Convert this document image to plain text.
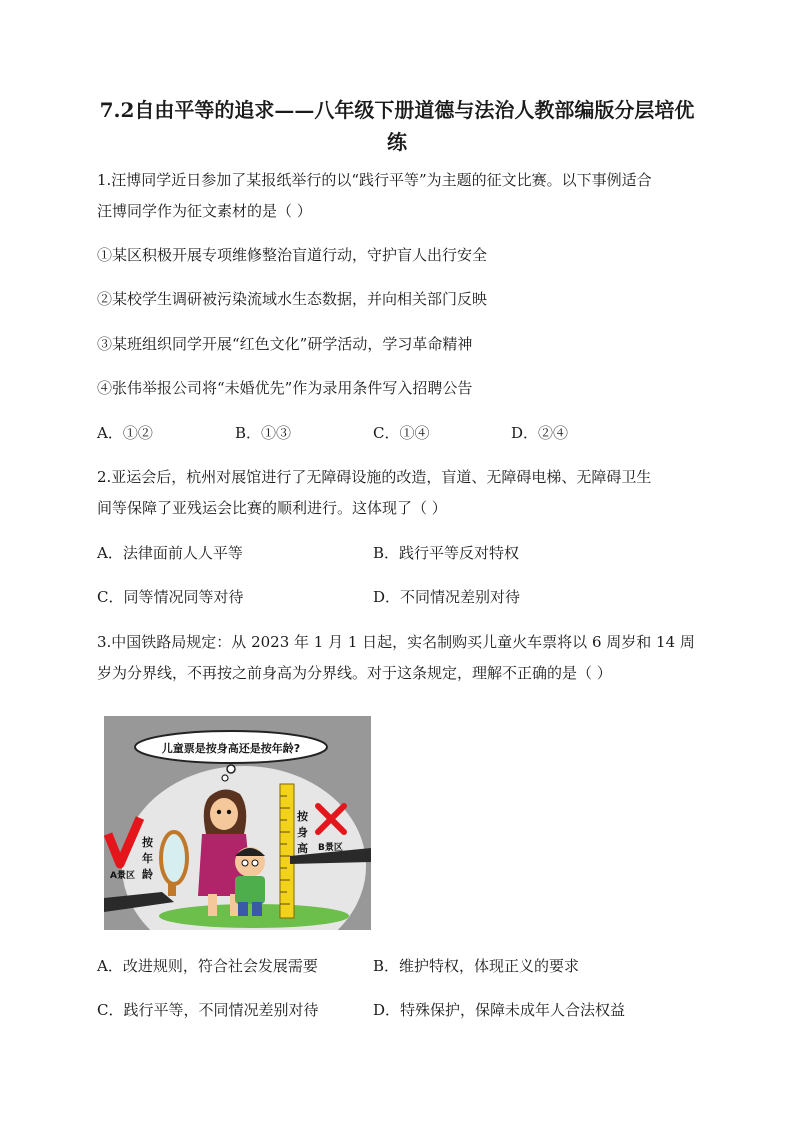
7.2自由平等的追求——八年级下册道德与法治人教部编版分层培优
练
1.汪博同学近日参加了某报纸举行的以“践行平等”为主题的征文比赛。以下事例适合
汪博同学作为征文素材的是（ ）
①某区积极开展专项维修整治盲道行动，守护盲人出行安全
②某校学生调研被污染流域水生态数据，并向相关部门反映
③某班组织同学开展“红色文化”研学活动，学习革命精神
④张伟举报公司将“未婚优先”作为录用条件写入招聘公告
A．①②	B．①③	C．①④	D．②④
2.亚运会后，杭州对展馆进行了无障碍设施的改造，盲道、无障碍电梯、无障碍卫生
间等保障了亚残运会比赛的顺利进行。这体现了（ ）
A．法律面前人人平等	B．践行平等反对特权
C．同等情况同等对待	D．不同情况差别对待
3.中国铁路局规定：从 2023 年 1 月 1 日起，实名制购买儿童火车票将以 6 周岁和 14 周
岁为分界线，不再按之前身高为分界线。对于这条规定，理解不正确的是（ ）
儿童票是按身高还是按年龄?
A景区
按
年
龄
按
身
高 B景区
A．改进规则，符合社会发展需要	B．维护特权，体现正义的要求
C．践行平等，不同情况差别对待	D．特殊保护，保障未成年人合法权益
